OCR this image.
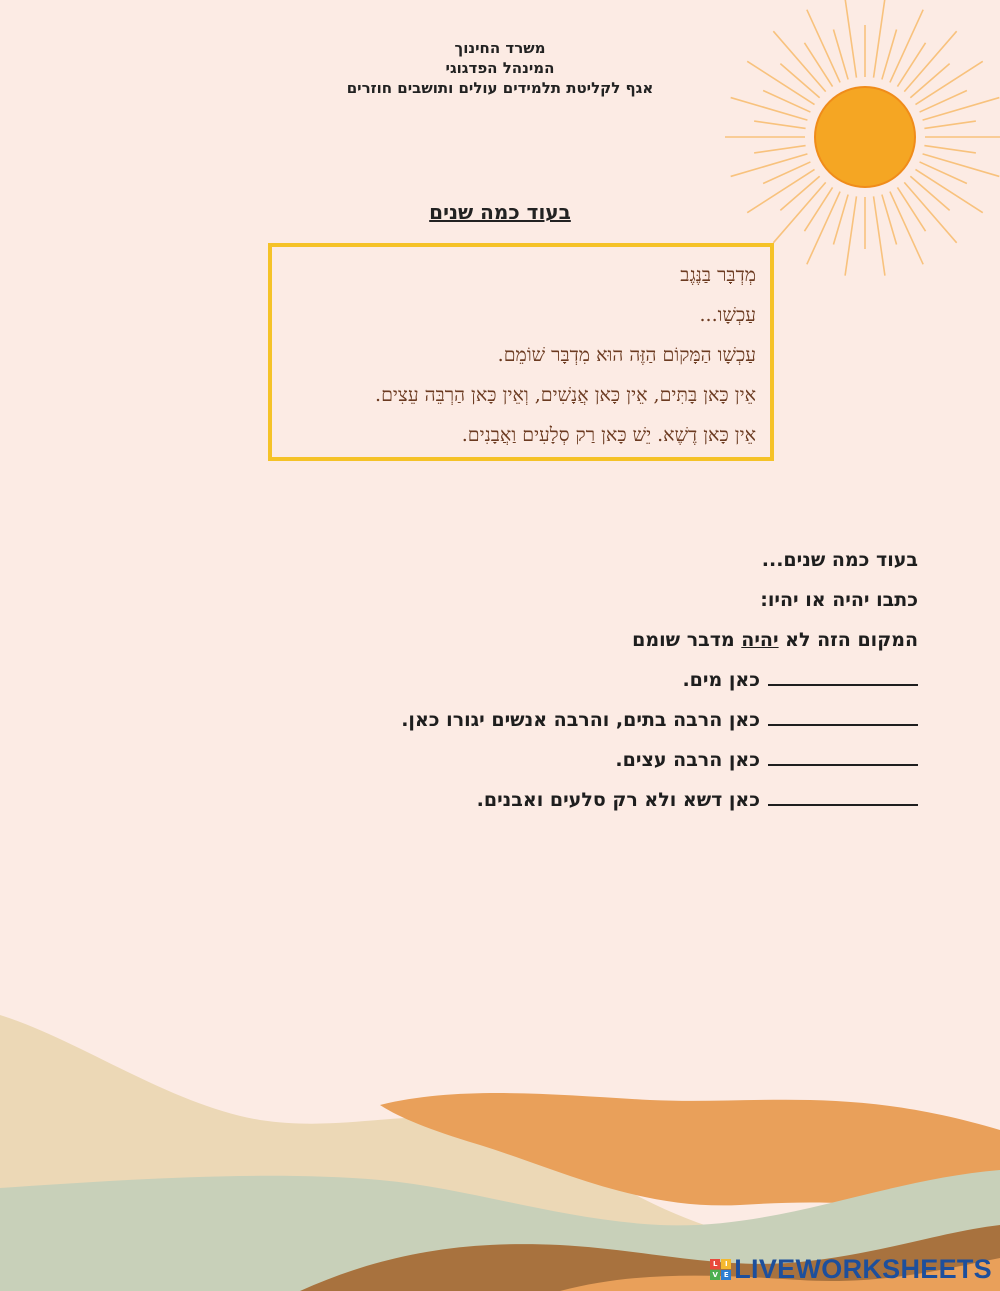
משרד החינוך
המינהל הפדגוגי
אגף לקליטת תלמידים עולים ותושבים חוזרים
בעוד כמה שנים
מְדְבָּר בַּנֶּגֶב
עַכְשָׁו...
עַכְשָׁו הַמָּקוֹם הַזֶּה הוּא מִדְבָּר שׁוֹמֵם.
אֵין כָּאן בָּתִּים, אֵין כָּאן אֲנָשִׁים, וְאֵין כָּאן הַרְבֵּה עֵצִים.
אֵין כָּאן דֶשֶׁא. יֵשׁ כָּאן רַק סְלָעִים וַאֲבָנִים.
בעוד כמה שנים...
כתבו יהיה או יהיו:
המקום הזה לא יהיה מדבר שומם
כאן מים.
כאן הרבה בתים, והרבה אנשים יגורו כאן.
כאן הרבה עצים.
כאן דשא ולא רק סלעים ואבנים.
L	I
V E LIVEWORKSHEETS
